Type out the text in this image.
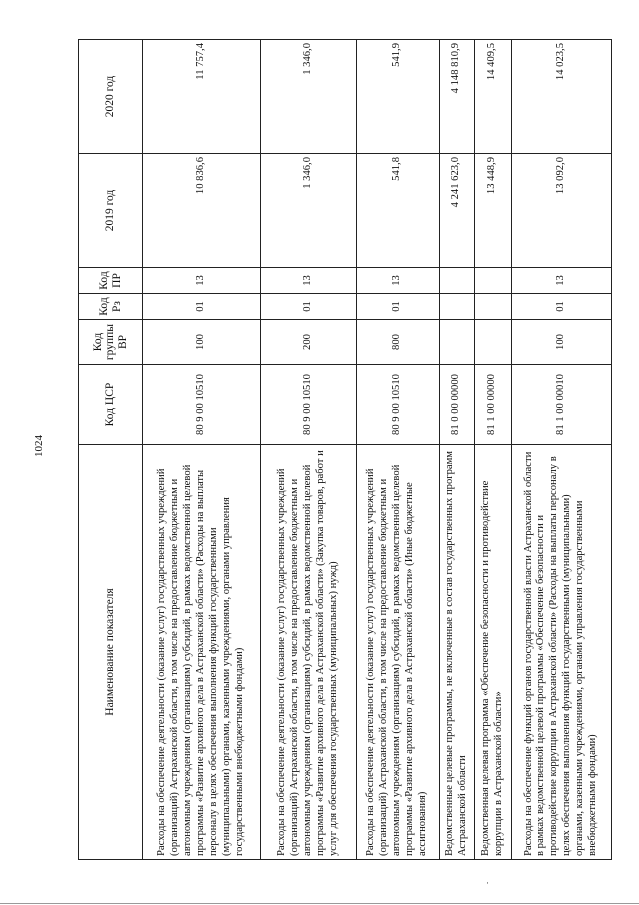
1024
Наименование показателя	Код ЦСР	Код группы ВР	Код Рз	Код ПР	2019 год	2020 год
Расходы на обеспечение деятельности (оказание услуг) государственных учреждений (организаций) Астраханской области, в том числе на предоставление бюджетным и автономным учреждениям (организациям) субсидий, в рамках ведомственной целевой программы «Развитие архивного дела в Астраханской области» (Расходы на выплаты персоналу в целях обеспечения выполнения функций государственными (муниципальными) органами, казенными учреждениями, органами управления государственными внебюджетными фондами)	80 9 00 10510	100	01	13	10 836,6	11 757,4
Расходы на обеспечение деятельности (оказание услуг) государственных учреждений (организаций) Астраханской области, в том числе на предоставление бюджетным и автономным учреждениям (организациям) субсидий, в рамках ведомственной целевой программы «Развитие архивного дела в Астраханской области» (Закупка товаров, работ и услуг для обеспечения государственных (муниципальных) нужд)	80 9 00 10510	200	01	13	1 346,0	1 346,0
Расходы на обеспечение деятельности (оказание услуг) государственных учреждений (организаций) Астраханской области, в том числе на предоставление бюджетным и автономным учреждениям (организациям) субсидий, в рамках ведомственной целевой программы «Развитие архивного дела в Астраханской области» (Иные бюджетные ассигнования)	80 9 00 10510	800	01	13	541,8	541,9
Ведомственные целевые программы, не включенные в состав государственных программ Астраханской области	81 0 00 00000				4 241 623,0	4 148 810,9
Ведомственная целевая программа «Обеспечение безопасности и противодействие коррупции в Астраханской области»	81 1 00 00000				13 448,9	14 409,5
Расходы на обеспечение функций органов государственной власти Астраханской области в рамках ведомственной целевой программы «Обеспечение безопасности и противодействие коррупции в Астраханской области» (Расходы на выплаты персоналу в целях обеспечения выполнения функций государственными (муниципальными) органами, казенными учреждениями, органами управления государственными внебюджетными фондами)	81 1 00 00010	100	01	13	13 092,0	14 023,5
·
